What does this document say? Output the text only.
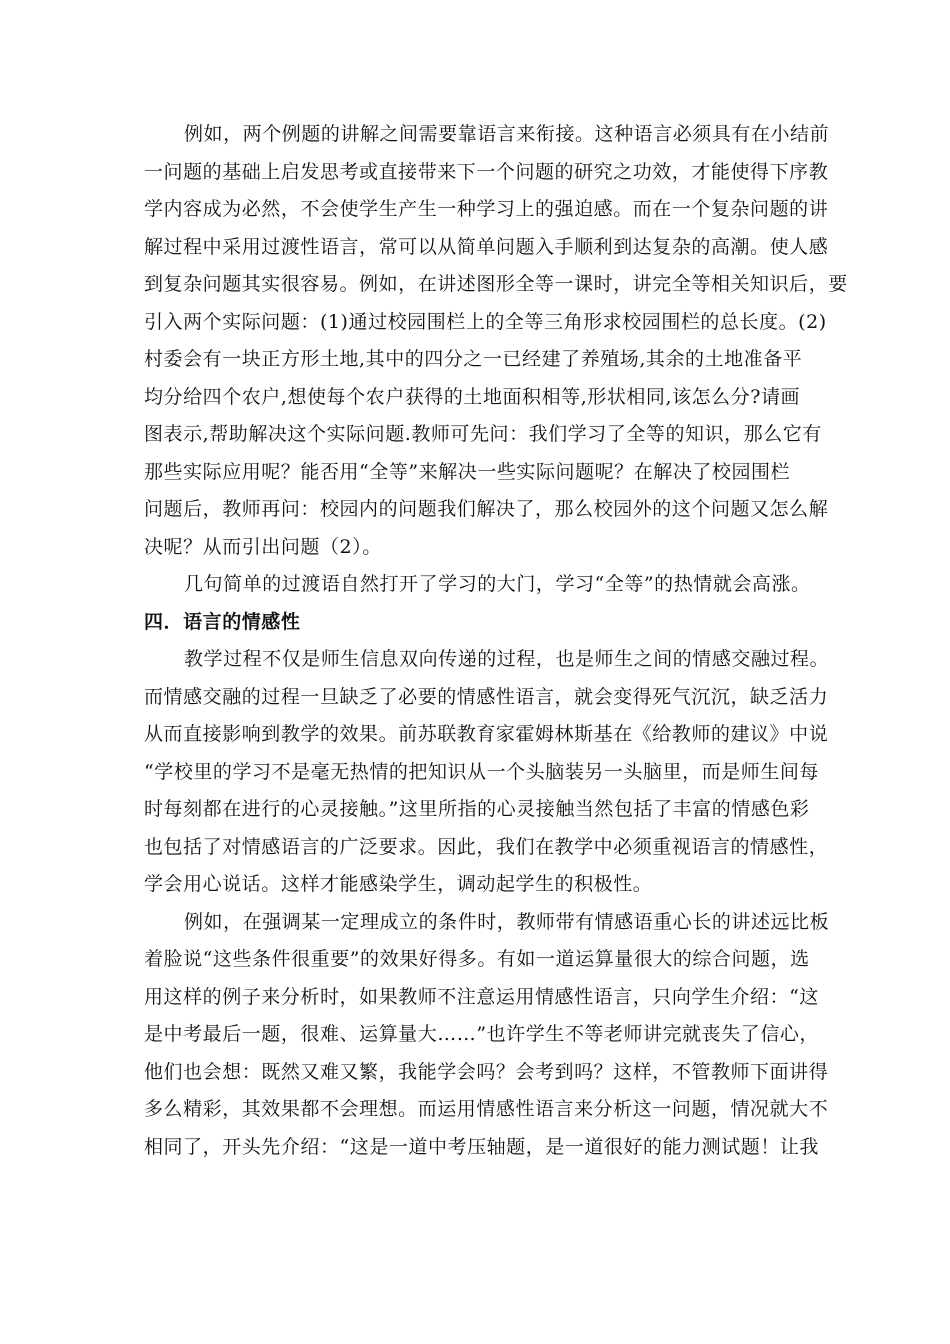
例如，两个例题的讲解之间需要靠语言来衔接。这种语言必须具有在小结前
一问题的基础上启发思考或直接带来下一个问题的研究之功效，才能使得下序教
学内容成为必然，不会使学生产生一种学习上的强迫感。而在一个复杂问题的讲
解过程中采用过渡性语言，常可以从简单问题入手顺利到达复杂的高潮。使人感
到复杂问题其实很容易。例如，在讲述图形全等一课时，讲完全等相关知识后，要
引入两个实际问题：(1)通过校园围栏上的全等三角形求校园围栏的总长度。(2)
村委会有一块正方形土地,其中的四分之一已经建了养殖场,其余的土地准备平
均分给四个农户,想使每个农户获得的土地面积相等,形状相同,该怎么分?请画
图表示,帮助解决这个实际问题.教师可先问：我们学习了全等的知识，那么它有
那些实际应用呢？能否用“全等”来解决一些实际问题呢？在解决了校园围栏
问题后，教师再问：校园内的问题我们解决了，那么校园外的这个问题又怎么解
决呢？从而引出问题（2）。
几句简单的过渡语自然打开了学习的大门，学习“全等”的热情就会高涨。
四．语言的情感性
教学过程不仅是师生信息双向传递的过程，也是师生之间的情感交融过程。
而情感交融的过程一旦缺乏了必要的情感性语言，就会变得死气沉沉，缺乏活力
从而直接影响到教学的效果。前苏联教育家霍姆林斯基在《给教师的建议》中说
“学校里的学习不是毫无热情的把知识从一个头脑装另一头脑里，而是师生间每
时每刻都在进行的心灵接触。”这里所指的心灵接触当然包括了丰富的情感色彩
也包括了对情感语言的广泛要求。因此，我们在教学中必须重视语言的情感性，
学会用心说话。这样才能感染学生，调动起学生的积极性。
例如，在强调某一定理成立的条件时，教师带有情感语重心长的讲述远比板
着脸说“这些条件很重要”的效果好得多。有如一道运算量很大的综合问题，选
用这样的例子来分析时，如果教师不注意运用情感性语言，只向学生介绍：“这
是中考最后一题，很难、运算量大……”也许学生不等老师讲完就丧失了信心，
他们也会想：既然又难又繁，我能学会吗？会考到吗？这样，不管教师下面讲得
多么精彩，其效果都不会理想。而运用情感性语言来分析这一问题，情况就大不
相同了，开头先介绍：“这是一道中考压轴题，是一道很好的能力测试题！让我
